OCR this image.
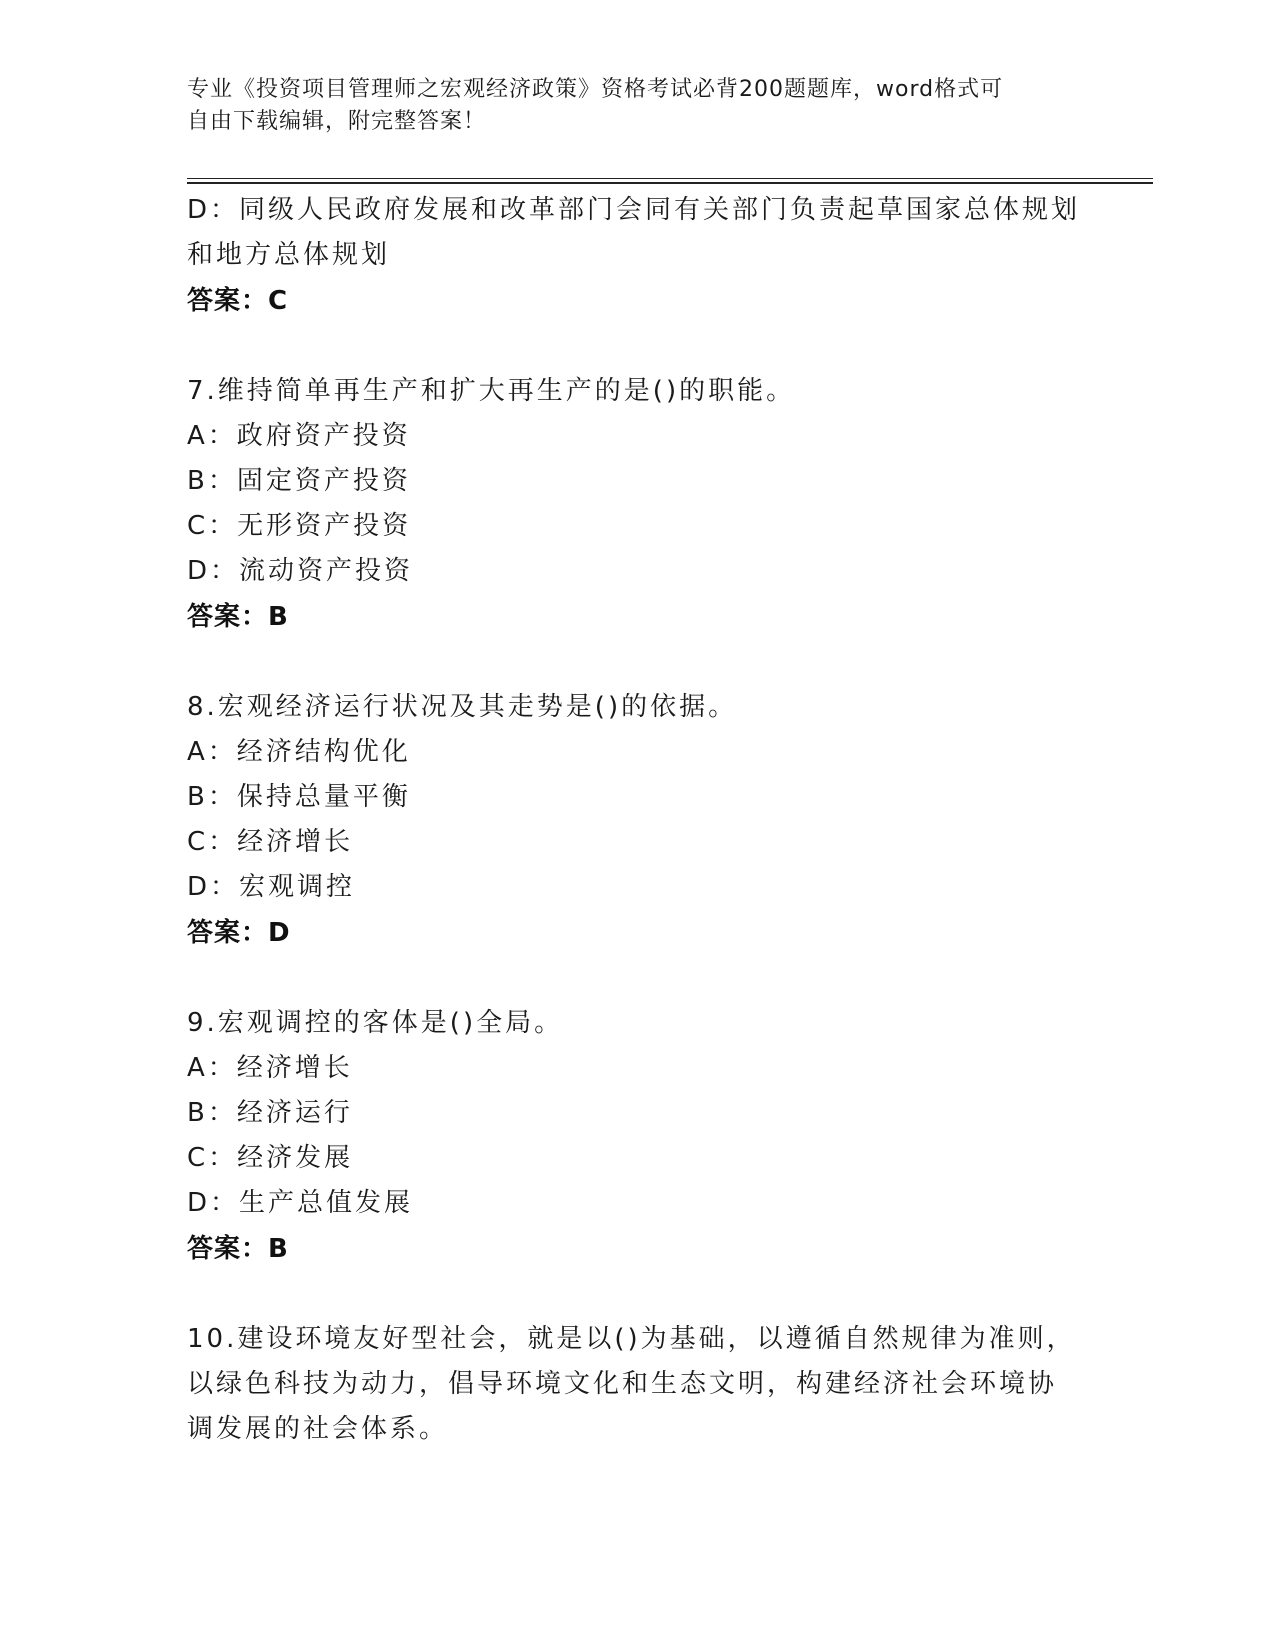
专业《投资项目管理师之宏观经济政策》资格考试必背200题题库，word格式可
自由下载编辑，附完整答案！
D：同级人民政府发展和改革部门会同有关部门负责起草国家总体规划
和地方总体规划
答案：C
7.维持简单再生产和扩大再生产的是()的职能。
A：政府资产投资
B：固定资产投资
C：无形资产投资
D：流动资产投资
答案：B
8.宏观经济运行状况及其走势是()的依据。
A：经济结构优化
B：保持总量平衡
C：经济增长
D：宏观调控
答案：D
9.宏观调控的客体是()全局。
A：经济增长
B：经济运行
C：经济发展
D：生产总值发展
答案：B
10.建设环境友好型社会，就是以()为基础，以遵循自然规律为准则，
以绿色科技为动力，倡导环境文化和生态文明，构建经济社会环境协
调发展的社会体系。
